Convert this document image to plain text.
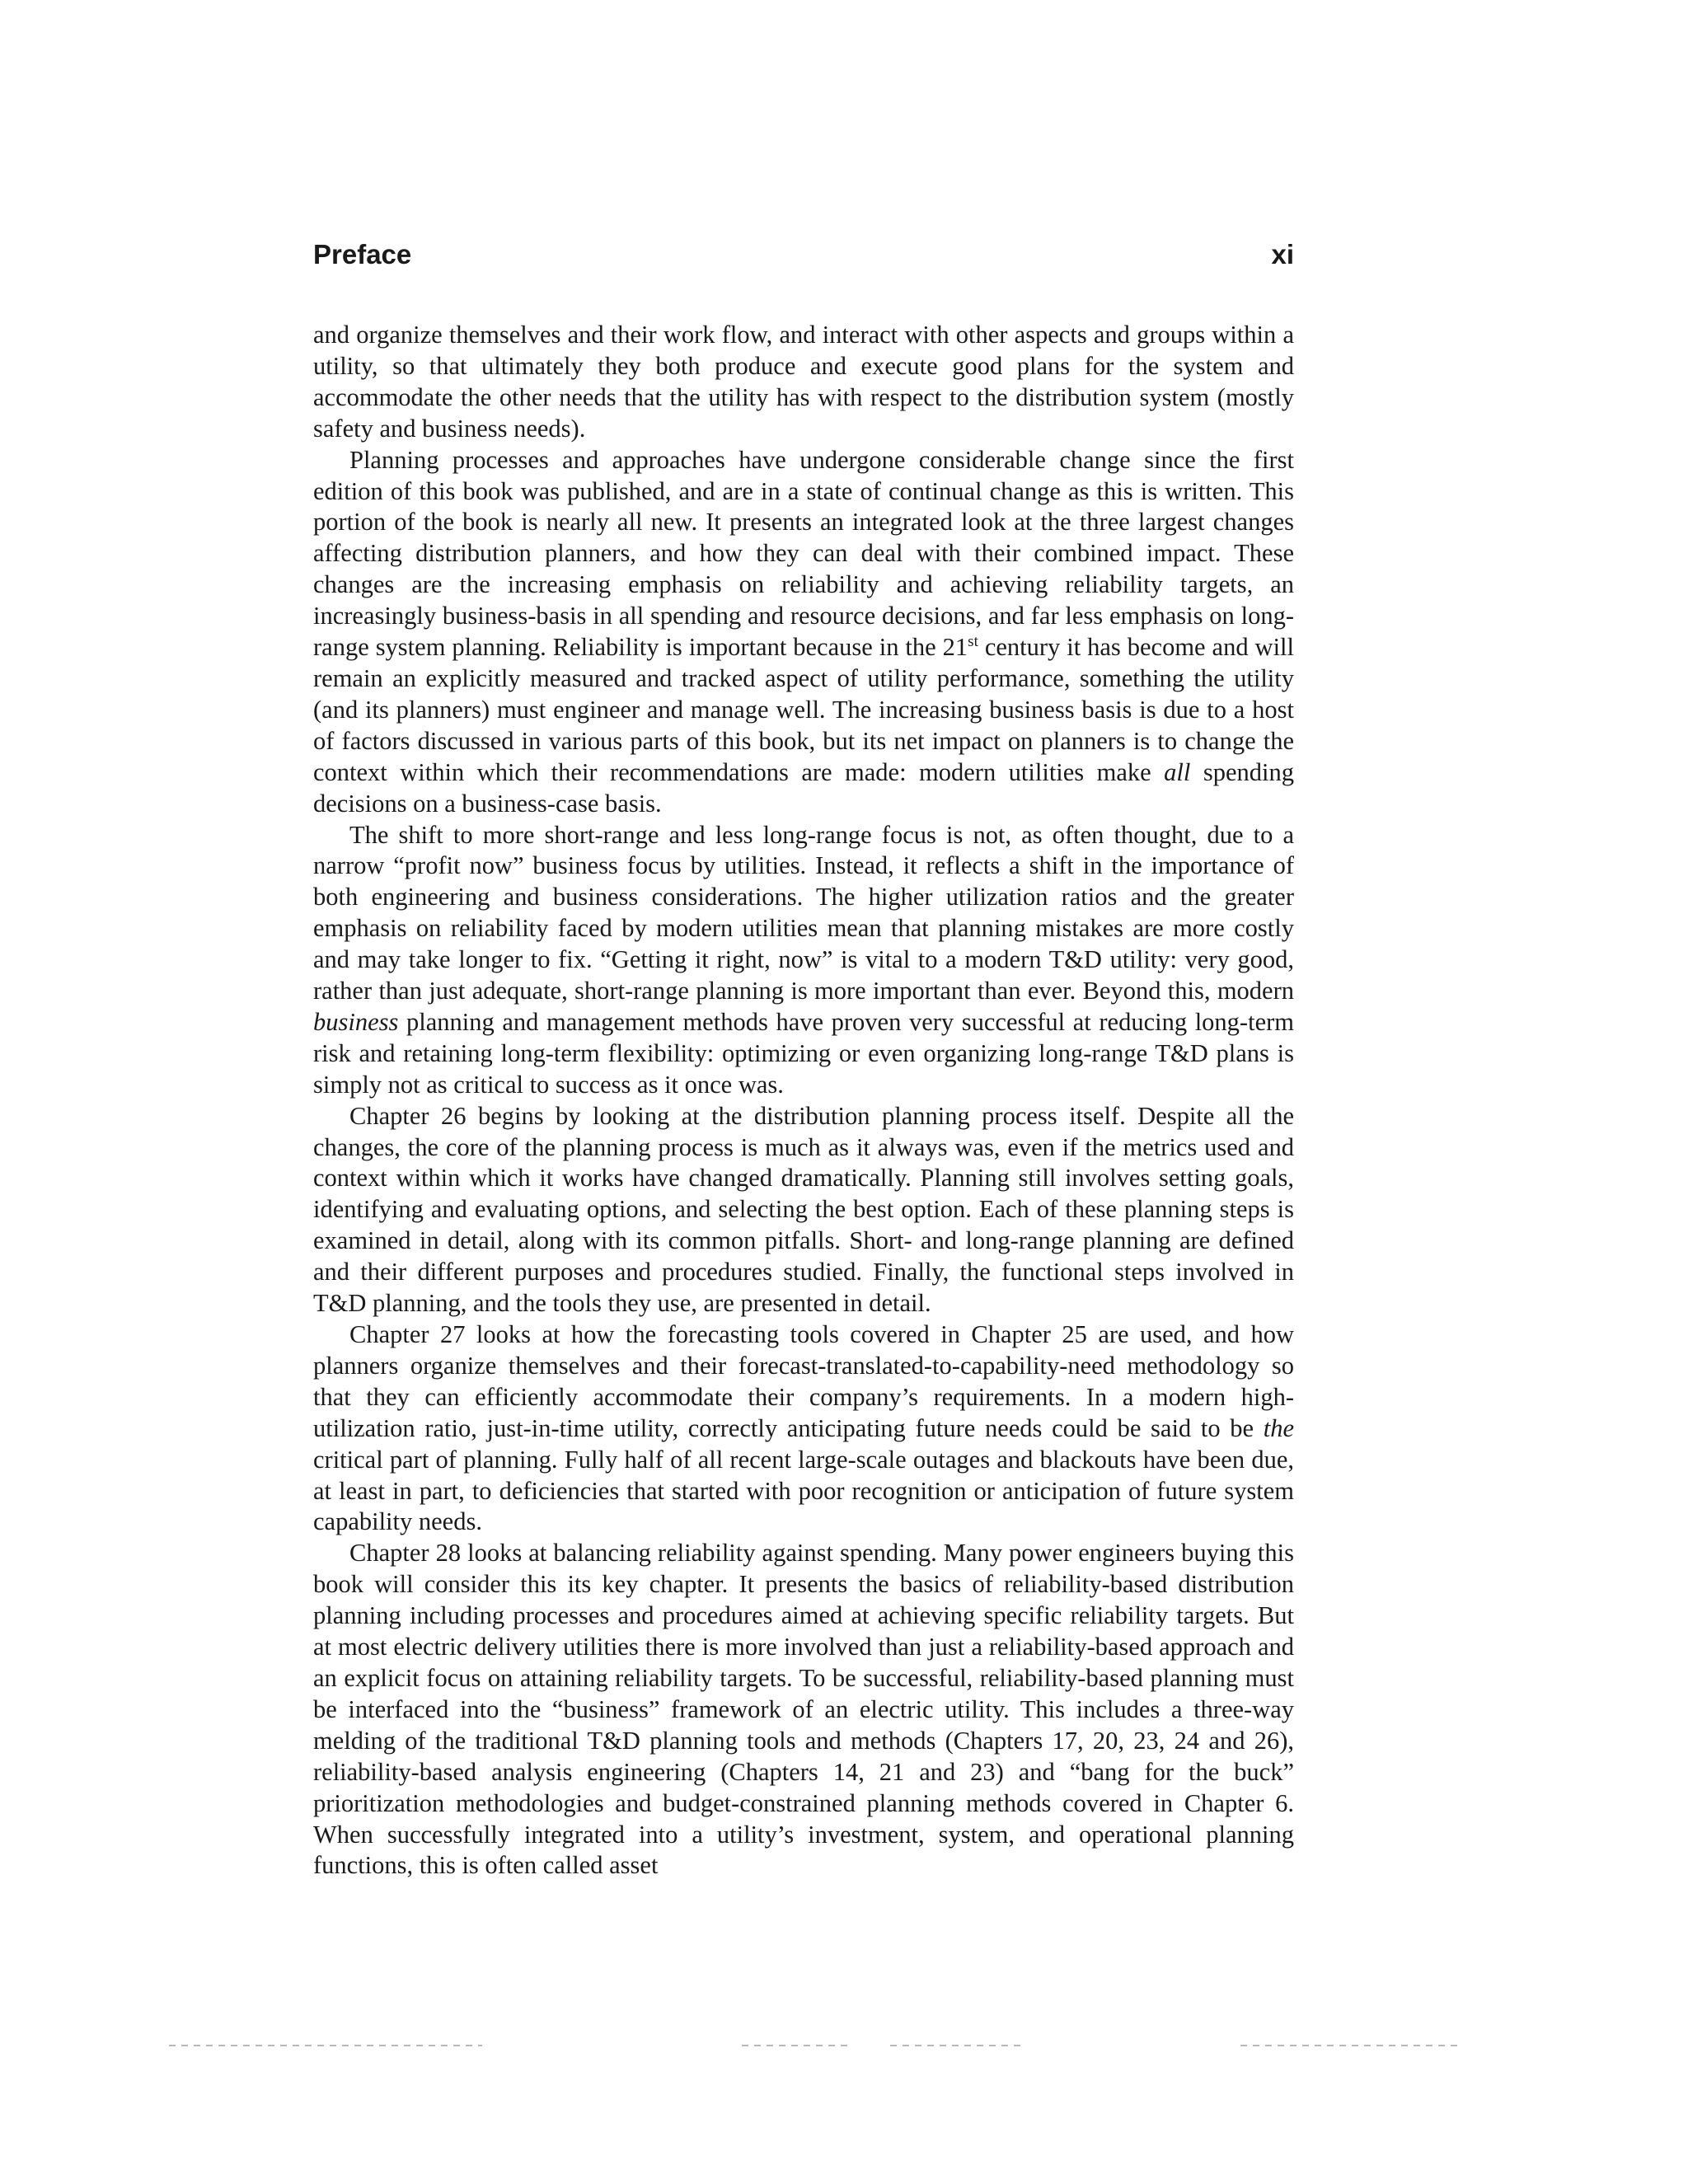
Preface	xi

and organize themselves and their work flow, and interact with other aspects and groups within a utility, so that ultimately they both produce and execute good plans for the system and accommodate the other needs that the utility has with respect to the distribution system (mostly safety and business needs).

Planning processes and approaches have undergone considerable change since the first edition of this book was published, and are in a state of continual change as this is written. This portion of the book is nearly all new. It presents an integrated look at the three largest changes affecting distribution planners, and how they can deal with their combined impact. These changes are the increasing emphasis on reliability and achieving reliability targets, an increasingly business-basis in all spending and resource decisions, and far less emphasis on long-range system planning. Reliability is important because in the 21st century it has become and will remain an explicitly measured and tracked aspect of utility performance, something the utility (and its planners) must engineer and manage well. The increasing business basis is due to a host of factors discussed in various parts of this book, but its net impact on planners is to change the context within which their recommendations are made: modern utilities make all spending decisions on a business-case basis.

The shift to more short-range and less long-range focus is not, as often thought, due to a narrow “profit now” business focus by utilities. Instead, it reflects a shift in the importance of both engineering and business considerations. The higher utilization ratios and the greater emphasis on reliability faced by modern utilities mean that planning mistakes are more costly and may take longer to fix. “Getting it right, now” is vital to a modern T&D utility: very good, rather than just adequate, short-range planning is more important than ever. Beyond this, modern business planning and management methods have proven very successful at reducing long-term risk and retaining long-term flexibility: optimizing or even organizing long-range T&D plans is simply not as critical to success as it once was.

Chapter 26 begins by looking at the distribution planning process itself. Despite all the changes, the core of the planning process is much as it always was, even if the metrics used and context within which it works have changed dramatically. Planning still involves setting goals, identifying and evaluating options, and selecting the best option. Each of these planning steps is examined in detail, along with its common pitfalls. Short- and long-range planning are defined and their different purposes and procedures studied. Finally, the functional steps involved in T&D planning, and the tools they use, are presented in detail.

Chapter 27 looks at how the forecasting tools covered in Chapter 25 are used, and how planners organize themselves and their forecast-translated-to-capability-need methodology so that they can efficiently accommodate their company’s requirements. In a modern high-utilization ratio, just-in-time utility, correctly anticipating future needs could be said to be the critical part of planning. Fully half of all recent large-scale outages and blackouts have been due, at least in part, to deficiencies that started with poor recognition or anticipation of future system capability needs.

Chapter 28 looks at balancing reliability against spending. Many power engineers buying this book will consider this its key chapter. It presents the basics of reliability-based distribution planning including processes and procedures aimed at achieving specific reliability targets. But at most electric delivery utilities there is more involved than just a reliability-based approach and an explicit focus on attaining reliability targets. To be successful, reliability-based planning must be interfaced into the “business” framework of an electric utility. This includes a three-way melding of the traditional T&D planning tools and methods (Chapters 17, 20, 23, 24 and 26), reliability-based analysis engineering (Chapters 14, 21 and 23) and “bang for the buck” prioritization methodologies and budget-constrained planning methods covered in Chapter 6. When successfully integrated into a utility’s investment, system, and operational planning functions, this is often called asset
